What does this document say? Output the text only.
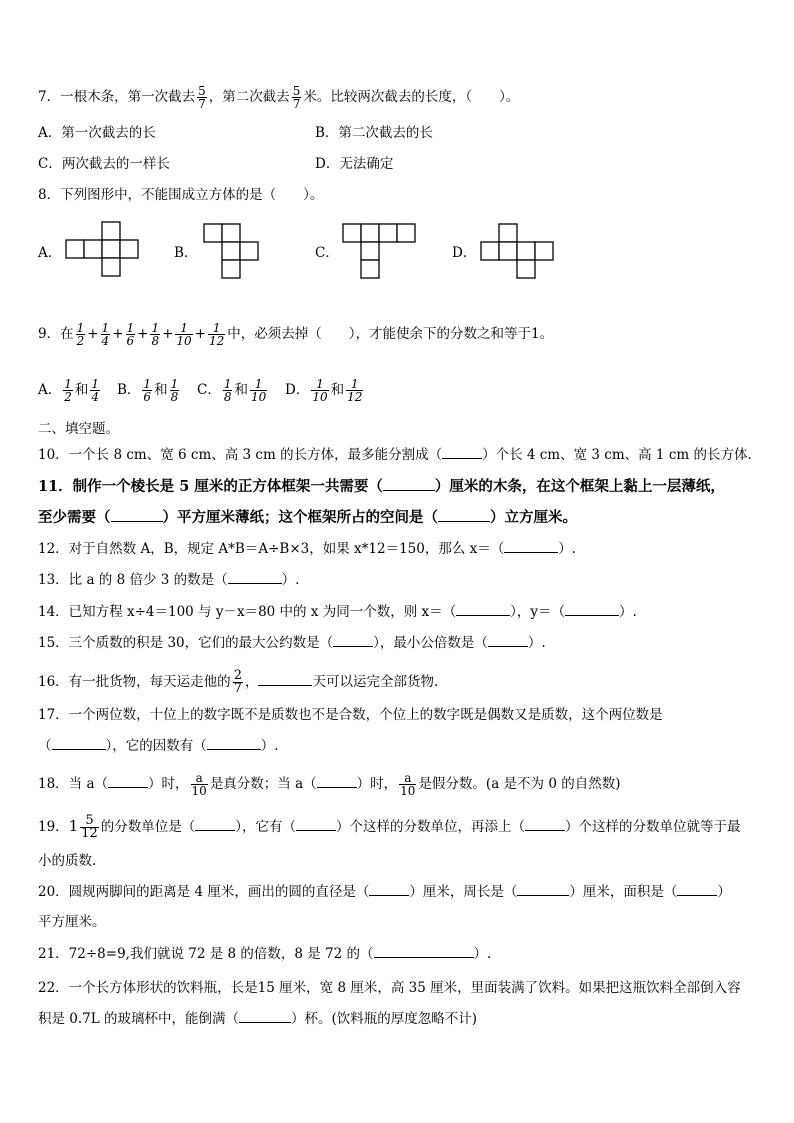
7．一根木条，第一次截去 $\frac{5}{7}$ ，第二次截去 $\frac{5}{7}$ 米。比较两次截去的长度，（　　）。
A．第一次截去的长	B．第二次截去的长
C．两次截去的一样长	D．无法确定
8．下列图形中，不能围成立方体的是（　　）。
A．	B．	C．	D．
9．在 $\frac{1}{2} + \frac{1}{4} + \frac{1}{6} + \frac{1}{8} + \frac{1}{10} + \frac{1}{12}$ 中，必须去掉（　　），才能使余下的分数之和等于1。
A． $\frac{1}{2}$ 和 $\frac{1}{4}$ B． $\frac{1}{6}$ 和 $\frac{1}{8}$ C． $\frac{1}{8}$ 和 $\frac{1}{10}$ D． $\frac{1}{10}$ 和 $\frac{1}{12}$
二、填空题。
10．一个长 8 cm、宽 6 cm、高 3 cm 的长方体，最多能分割成（	）个长 4 cm、宽 3 cm、高 1 cm 的长方体.
11．制作一个棱长是 5 厘米的正方体框架一共需要（	）厘米的木条，在这个框架上黏上一层薄纸，
至少需要（	）平方厘米薄纸；这个框架所占的空间是（	）立方厘米。
12．对于自然数 A，B，规定 A*B＝A÷B×3，如果 x*12＝150，那么 x＝（	）.
13．比 a 的 8 倍少 3 的数是（	）.
14．已知方程 x÷4＝100 与 y－x＝80 中的 x 为同一个数，则 x＝（	），y＝（	）.
15．三个质数的积是 30，它们的最大公约数是（	），最小公倍数是（	）.
16．有一批货物，每天运走他的 $\frac{2}{7}$ ，	天可以运完全部货物.
17．一个两位数，十位上的数字既不是质数也不是合数，个位上的数字既是偶数又是质数，这个两位数是
（	），它的因数有（	）.
18．当 a（	）时， $\frac{a}{10}$ 是真分数；当 a（	）时， $\frac{a}{10}$ 是假分数。(a 是不为 0 的自然数)
19．$1 \frac{5}{12}$ 的分数单位是（	），它有（	）个这样的分数单位，再添上（	）个这样的分数单位就等于最
小的质数.
20．圆规两脚间的距离是 4 厘米，画出的圆的直径是（	）厘米，周长是（	）厘米，面积是（	）
平方厘米。
21．72÷8=9,我们就说 72 是 8 的倍数，8 是 72 的（	）.
22．一个长方体形状的饮料瓶，长是15 厘米，宽 8 厘米，高 35 厘米，里面装满了饮料。如果把这瓶饮料全部倒入容
积是 0.7L 的玻璃杯中，能倒满（	）杯。(饮料瓶的厚度忽略不计)
